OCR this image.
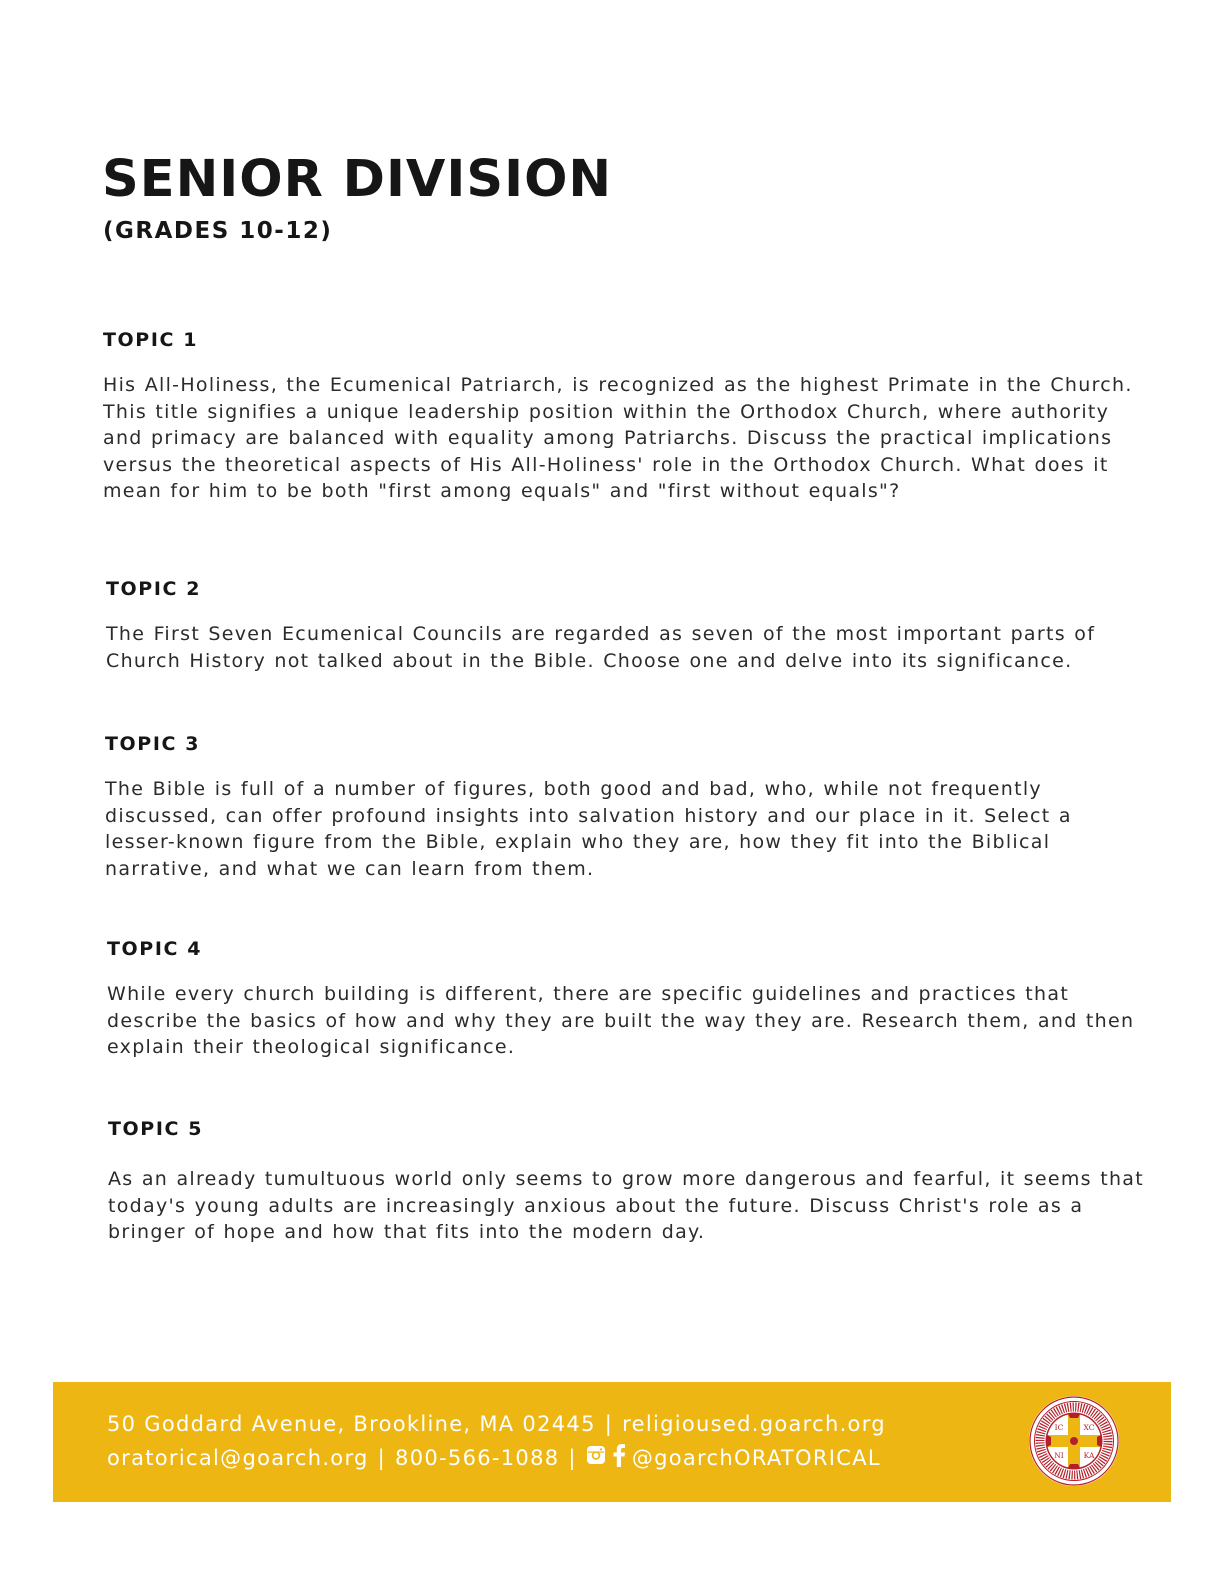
SENIOR DIVISION
(GRADES 10-12)
TOPIC 1

His All-Holiness, the Ecumenical Patriarch, is recognized as the highest Primate in the Church. This title signifies a unique leadership position within the Orthodox Church, where authority and primacy are balanced with equality among Patriarchs. Discuss the practical implications versus the theoretical aspects of His All-Holiness' role in the Orthodox Church. What does it mean for him to be both "first among equals" and "first without equals"?

TOPIC 2

The First Seven Ecumenical Councils are regarded as seven of the most important parts of Church History not talked about in the Bible. Choose one and delve into its significance.

TOPIC 3

The Bible is full of a number of figures, both good and bad, who, while not frequently discussed, can offer profound insights into salvation history and our place in it. Select a lesser-known figure from the Bible, explain who they are, how they fit into the Biblical narrative, and what we can learn from them.

TOPIC 4

While every church building is different, there are specific guidelines and practices that describe the basics of how and why they are built the way they are. Research them, and then explain their theological significance.

TOPIC 5

As an already tumultuous world only seems to grow more dangerous and fearful, it seems that today's young adults are increasingly anxious about the future. Discuss Christ's role as a bringer of hope and how that fits into the modern day.

50 Goddard Avenue, Brookline, MA 02445 | religioused.goarch.org
oratorical@goarch.org | 800-566-1088 |	@goarchORATORICAL
IC	XC
NI	KA
